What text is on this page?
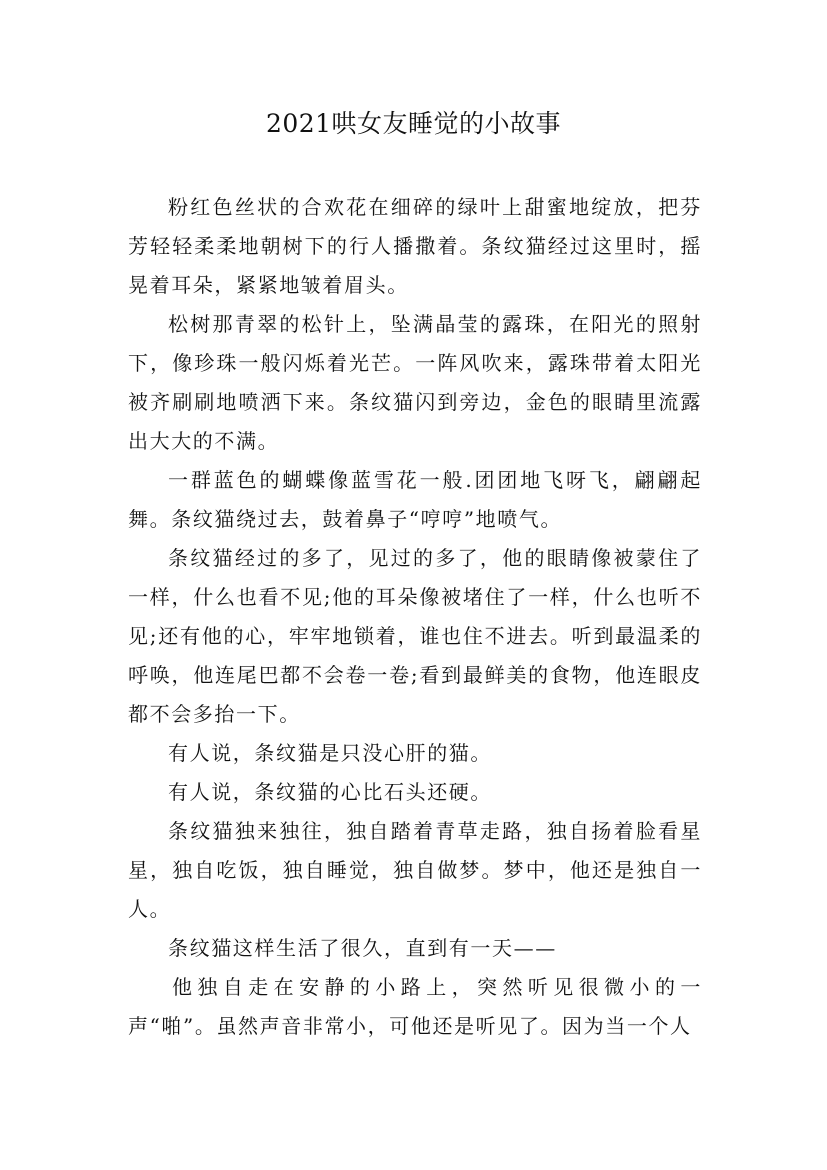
2021哄女友睡觉的小故事

粉红色丝状的合欢花在细碎的绿叶上甜蜜地绽放，把芬芳轻轻柔柔地朝树下的行人播撒着。条纹猫经过这里时，摇晃着耳朵，紧紧地皱着眉头。

松树那青翠的松针上，坠满晶莹的露珠，在阳光的照射下，像珍珠一般闪烁着光芒。一阵风吹来，露珠带着太阳光被齐刷刷地喷洒下来。条纹猫闪到旁边，金色的眼睛里流露出大大的不满。

一群蓝色的蝴蝶像蓝雪花一般.团团地飞呀飞，翩翩起舞。条纹猫绕过去，鼓着鼻子“哼哼”地喷气。

条纹猫经过的多了，见过的多了，他的眼睛像被蒙住了一样，什么也看不见;他的耳朵像被堵住了一样，什么也听不见;还有他的心，牢牢地锁着，谁也住不进去。听到最温柔的呼唤，他连尾巴都不会卷一卷;看到最鲜美的食物，他连眼皮都不会多抬一下。

有人说，条纹猫是只没心肝的猫。

有人说，条纹猫的心比石头还硬。

条纹猫独来独往，独自踏着青草走路，独自扬着脸看星星，独自吃饭，独自睡觉，独自做梦。梦中，他还是独自一人。

条纹猫这样生活了很久，直到有一天——

他独自走在安静的小路上，突然听见很微小的一声“啪”。虽然声音非常小，可他还是听见了。因为当一个人
